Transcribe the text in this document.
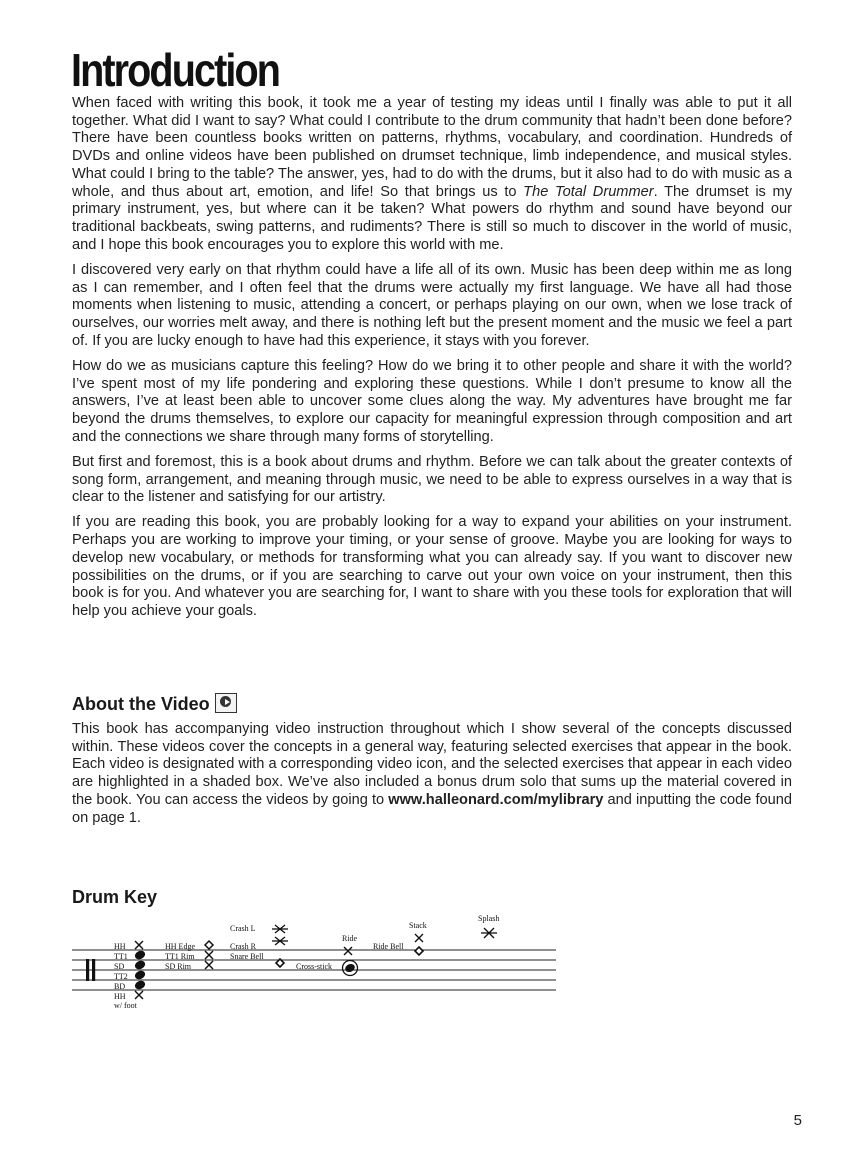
Introduction

When faced with writing this book, it took me a year of testing my ideas until I finally was able to put it all together. What did I want to say? What could I contribute to the drum community that hadn’t been done before? There have been countless books written on patterns, rhythms, vocabulary, and coordination. Hundreds of DVDs and online videos have been published on drumset technique, limb independence, and musical styles. What could I bring to the table? The answer, yes, had to do with the drums, but it also had to do with music as a whole, and thus about art, emotion, and life! So that brings us to The Total Drummer. The drumset is my primary instrument, yes, but where can it be taken? What powers do rhythm and sound have beyond our traditional backbeats, swing patterns, and rudiments? There is still so much to discover in the world of music, and I hope this book encourages you to explore this world with me.

I discovered very early on that rhythm could have a life all of its own. Music has been deep within me as long as I can remember, and I often feel that the drums were actually my first language. We have all had those moments when listening to music, attending a concert, or perhaps playing on our own, when we lose track of ourselves, our worries melt away, and there is nothing left but the present moment and the music we feel a part of. If you are lucky enough to have had this experience, it stays with you forever.

How do we as musicians capture this feeling? How do we bring it to other people and share it with the world? I’ve spent most of my life pondering and exploring these questions. While I don’t presume to know all the answers, I’ve at least been able to uncover some clues along the way. My adventures have brought me far beyond the drums themselves, to explore our capacity for meaningful expression through composition and art and the connections we share through many forms of storytelling.

But first and foremost, this is a book about drums and rhythm. Before we can talk about the greater contexts of song form, arrangement, and meaning through music, we need to be able to express ourselves in a way that is clear to the listener and satisfying for our artistry.

If you are reading this book, you are probably looking for a way to expand your abilities on your instrument. Perhaps you are working to improve your timing, or your sense of groove. Maybe you are looking for ways to develop new vocabulary, or methods for transforming what you can already say. If you want to discover new possibilities on the drums, or if you are searching to carve out your own voice on your instrument, then this book is for you. And whatever you are searching for, I want to share with you these tools for exploration that will help you achieve your goals.

About the Video

This book has accompanying video instruction throughout which I show several of the concepts discussed within. These videos cover the concepts in a general way, featuring selected exercises that appear in the book. Each video is designated with a corresponding video icon, and the selected exercises that appear in each video are highlighted in a shaded box. We’ve also included a bonus drum solo that sums up the material covered in the book. You can access the videos by going to www.halleonard.com/mylibrary and inputting the code found on page 1.

Drum Key
HH
TT1
SD
TT2
BD
HH
w/ foot
HH Edge
TT1 Rim
SD Rim
Crash L
Crash R
Snare Bell
Cross-stick
Ride
Ride Bell
Stack
Splash
5
